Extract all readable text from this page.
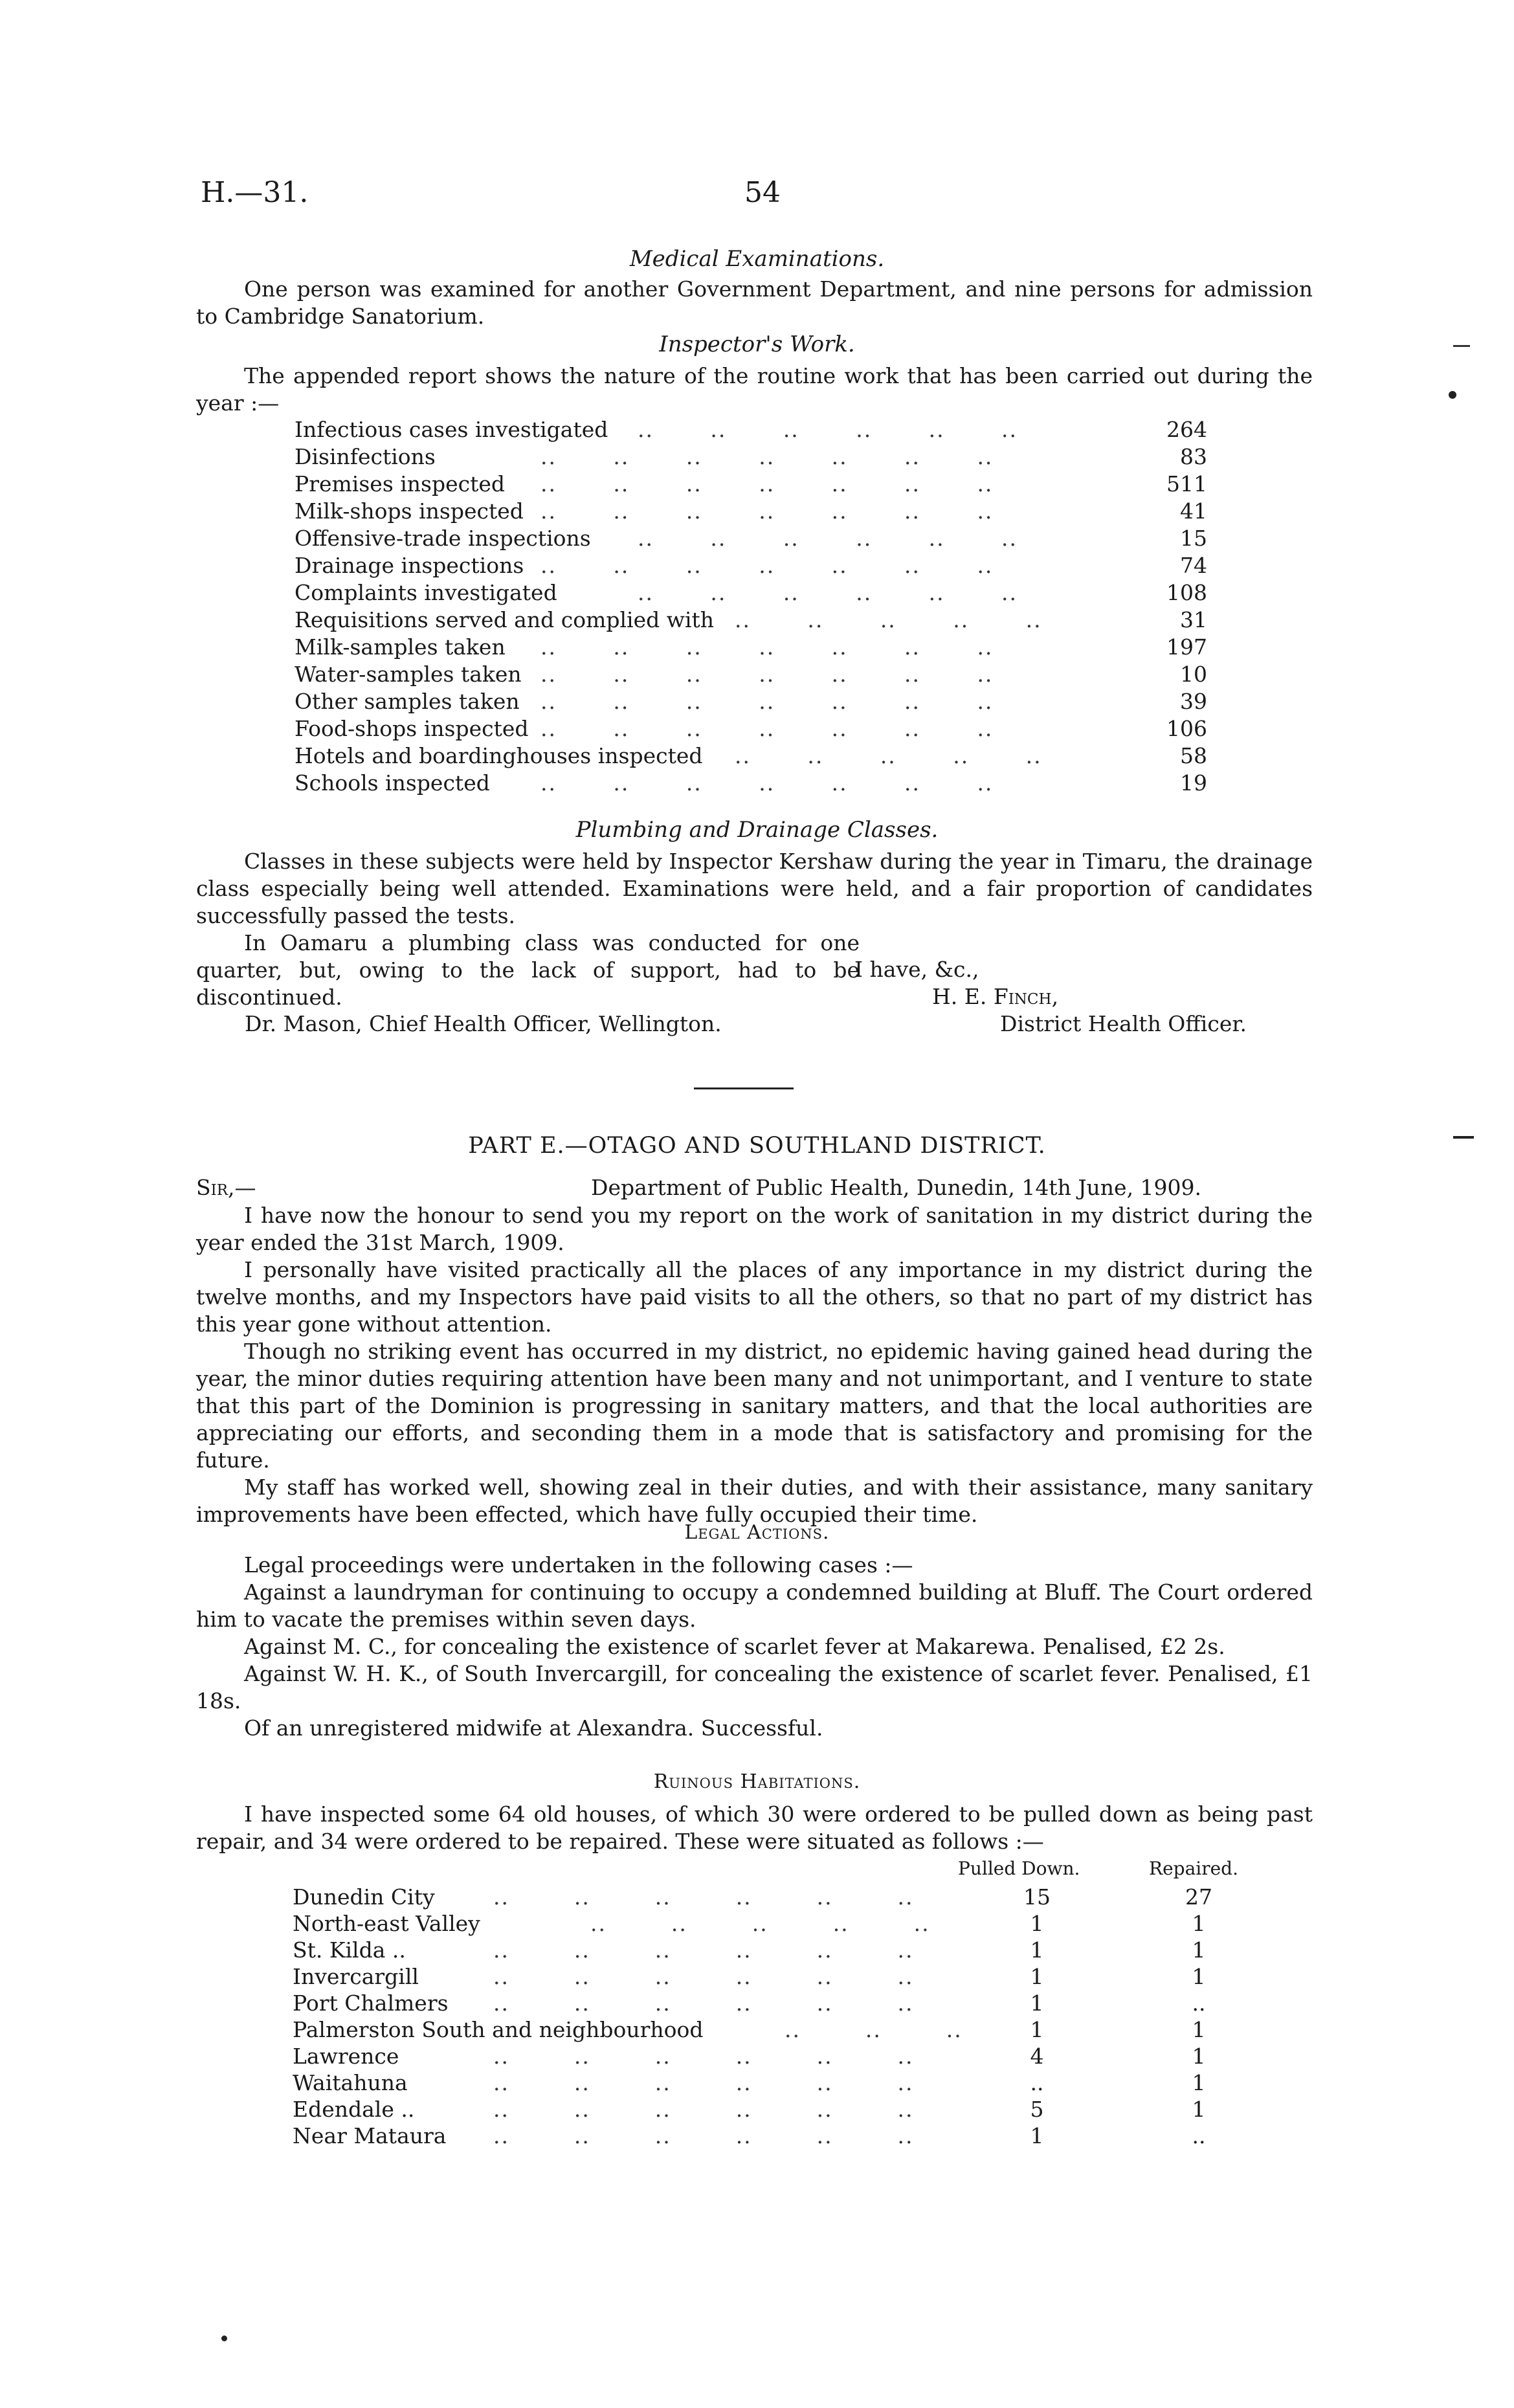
H.—31.	54
Medical Examinations.

One person was examined for another Government Department, and nine persons for admission to Cambridge Sanatorium.

Inspector's Work.

The appended report shows the nature of the routine work that has been carried out during the year :—

Infectious cases investigated ..       ..       ..       ..       ..       ..	264
Disinfections	..       ..       ..       ..       ..       ..       ..	83
Premises inspected ..       ..       ..       ..       ..       ..       ..	511
Milk-shops inspected ..       ..       ..       ..       ..       ..       ..	41
Offensive-trade inspections ..       ..       ..       ..       ..       ..	15
Drainage inspections ..       ..       ..       ..       ..       ..       ..	74
Complaints investigated	..       ..       ..       ..       ..       ..	108
Requisitions served and complied with ..       ..       ..       ..       ..	31
Milk-samples taken ..       ..       ..       ..       ..       ..       ..	197
Water-samples taken ..       ..       ..       ..       ..       ..       ..	10
Other samples taken ..       ..       ..       ..       ..       ..       ..	39
Food-shops inspected ..       ..       ..       ..       ..       ..       ..	106
Hotels and boardinghouses inspected ..       ..       ..       ..       ..	58
Schools inspected ..       ..       ..       ..       ..       ..       ..	19
Plumbing and Drainage Classes.

Classes in these subjects were held by Inspector Kershaw during the year in Timaru, the drainage class especially being well attended. Examinations were held, and a fair proportion of candidates successfully passed the tests.

In Oamaru a plumbing class was conducted for one quarter, but, owing to the lack of support, had to be discontinued.

I have, &c.,
H. E. Finch,
Dr. Mason, Chief Health Officer, Wellington.	District Health Officer.
PART E.—OTAGO AND SOUTHLAND DISTRICT.
Sir,—	Department of Public Health, Dunedin, 14th June, 1909.

I have now the honour to send you my report on the work of sanitation in my district during the year ended the 31st March, 1909.

I personally have visited practically all the places of any importance in my district during the twelve months, and my Inspectors have paid visits to all the others, so that no part of my district has this year gone without attention.

Though no striking event has occurred in my district, no epidemic having gained head during the year, the minor duties requiring attention have been many and not unimportant, and I venture to state that this part of the Dominion is progressing in sanitary matters, and that the local authorities are appreciating our efforts, and seconding them in a mode that is satisfactory and promising for the future.

My staff has worked well, showing zeal in their duties, and with their assistance, many sanitary improvements have been effected, which have fully occupied their time.

Legal Actions.

Legal proceedings were undertaken in the following cases :—

Against a laundryman for continuing to occupy a condemned building at Bluff. The Court ordered him to vacate the premises within seven days.

Against M. C., for concealing the existence of scarlet fever at Makarewa. Penalised, £2 2s.

Against W. H. K., of South Invercargill, for concealing the existence of scarlet fever. Penalised, £1 18s.

Of an unregistered midwife at Alexandra. Successful.

Ruinous Habitations.

I have inspected some 64 old houses, of which 30 were ordered to be pulled down as being past repair, and 34 were ordered to be repaired. These were situated as follows :—

Pulled Down.	Repaired.
Dunedin City	..        ..        ..        ..        ..        ..	15	27
North-east Valley	..        ..        ..        ..        ..	1	1
St. Kilda ..	..        ..        ..        ..        ..        ..	1	1
Invercargill	..        ..        ..        ..        ..        ..	1	1
Port Chalmers ..        ..        ..        ..        ..        ..	1	..
Palmerston South and neighbourhood	..        ..        ..	1	1
Lawrence	..        ..        ..        ..        ..        ..	4	1
Waitahuna	..        ..        ..        ..        ..        ..	..	1
Edendale ..	..        ..        ..        ..        ..        ..	5	1
Near Mataura ..        ..        ..        ..        ..        ..	1	..
